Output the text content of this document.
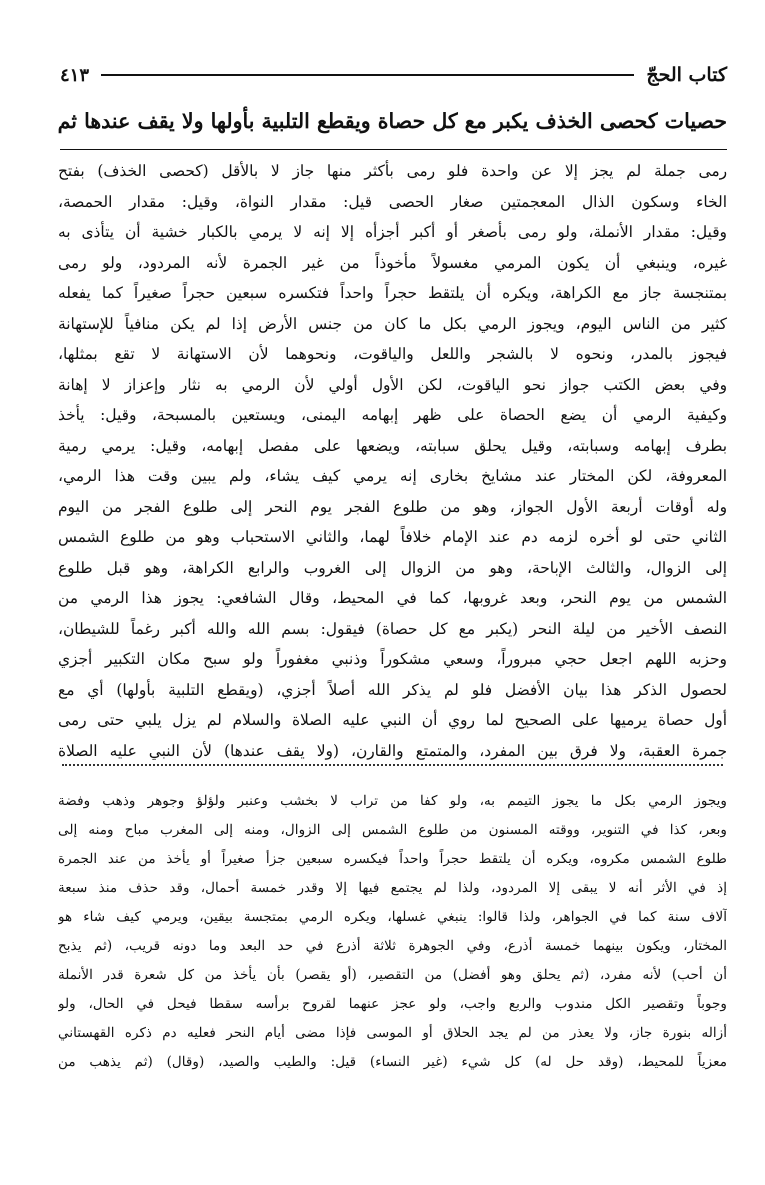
كتاب الحجّ
٤١٣
حصيات كحصى الخذف يكبر مع كل حصاة ويقطع التلبية بأولها ولا يقف عندها ثم
رمى جملة لم يجز إلا عن واحدة فلو رمى بأكثر منها جاز لا بالأقل (كحصى الخذف) بفتح
الخاء وسكون الذال المعجمتين صغار الحصى قيل: مقدار النواة، وقيل: مقدار الحمصة،
وقيل: مقدار الأنملة، ولو رمى بأصغر أو أكبر أجزأه إلا إنه لا يرمي بالكبار خشية أن يتأذى به
غيره، وينبغي أن يكون المرمي مغسولاً مأخوذاً من غير الجمرة لأنه المردود، ولو رمى
بمتنجسة جاز مع الكراهة، ويكره أن يلتقط حجراً واحداً فتكسره سبعين حجراً صغيراً كما يفعله
كثير من الناس اليوم، ويجوز الرمي بكل ما كان من جنس الأرض إذا لم يكن منافياً للإستهانة
فيجوز بالمدر، ونحوه لا بالشجر واللعل والياقوت، ونحوهما لأن الاستهانة لا تقع بمثلها،
وفي بعض الكتب جواز نحو الياقوت، لكن الأول أولي لأن الرمي به نثار وإعزاز لا إهانة
وكيفية الرمي أن يضع الحصاة على ظهر إبهامه اليمنى، ويستعين بالمسبحة، وقيل: يأخذ
بطرف إبهامه وسبابته، وقيل يحلق سبابته، ويضعها على مفصل إبهامه، وقيل: يرمي رمية
المعروفة، لكن المختار عند مشايخ بخارى إنه يرمي كيف يشاء، ولم يبين وقت هذا الرمي،
وله أوقات أربعة الأول الجواز، وهو من طلوع الفجر يوم النحر إلى طلوع الفجر من اليوم
الثاني حتى لو أخره لزمه دم عند الإمام خلافاً لهما، والثاني الاستحباب وهو من طلوع الشمس
إلى الزوال، والثالث الإباحة، وهو من الزوال إلى الغروب والرابع الكراهة، وهو قبل طلوع
الشمس من يوم النحر، وبعد غروبها، كما في المحيط، وقال الشافعي: يجوز هذا الرمي من
النصف الأخير من ليلة النحر (يكبر مع كل حصاة) فيقول: بسم الله والله أكبر رغماً للشيطان،
وحزبه اللهم اجعل حجي مبروراً، وسعي مشكوراً وذنبي مغفوراً ولو سبح مكان التكبير أجزي
لحصول الذكر هذا بيان الأفضل فلو لم يذكر الله أصلاً أجزي، (ويقطع التلبية بأولها) أي مع
أول حصاة يرميها على الصحيح لما روي أن النبي عليه الصلاة والسلام لم يزل يلبي حتى رمى
جمرة العقبة، ولا فرق بين المفرد، والمتمتع والقارن، (ولا يقف عندها) لأن النبي عليه الصلاة
ويجوز الرمي بكل ما يجوز التيمم به، ولو كفا من تراب لا بخشب وعنبر ولؤلؤ وجوهر وذهب وفضة
وبعر، كذا في التنوير، ووقته المسنون من طلوع الشمس إلى الزوال، ومنه إلى المغرب مباح ومنه إلى
طلوع الشمس مكروه، ويكره أن يلتقط حجراً واحداً فيكسره سبعين جزأ صغيراً أو يأخذ من عند الجمرة
إذ في الأثر أنه لا يبقى إلا المردود، ولذا لم يجتمع فيها إلا وقدر خمسة أحمال، وقد حذف منذ سبعة
آلاف سنة كما في الجواهر، ولذا قالوا: ينبغي غسلها، ويكره الرمي بمتجسة بيقين، ويرمي كيف شاء هو
المختار، ويكون بينهما خمسة أذرع، وفي الجوهرة ثلاثة أذرع في حد البعد وما دونه قريب، (ثم يذبح
أن أحب) لأنه مفرد، (ثم يحلق وهو أفضل) من التقصير، (أو يقصر) بأن يأخذ من كل شعرة قدر الأنملة
وجوباً وتقصير الكل مندوب والربع واجب، ولو عجز عنهما لقروح برأسه سقطا فيحل في الحال، ولو
أزاله بنورة جاز، ولا يعذر من لم يجد الحلاق أو الموسى فإذا مضى أيام النحر فعليه دم ذكره القهستاني
معزياً للمحيط، (وقد حل له) كل شيء (غير النساء) قيل: والطيب والصيد، (وقال) (ثم يذهب من
